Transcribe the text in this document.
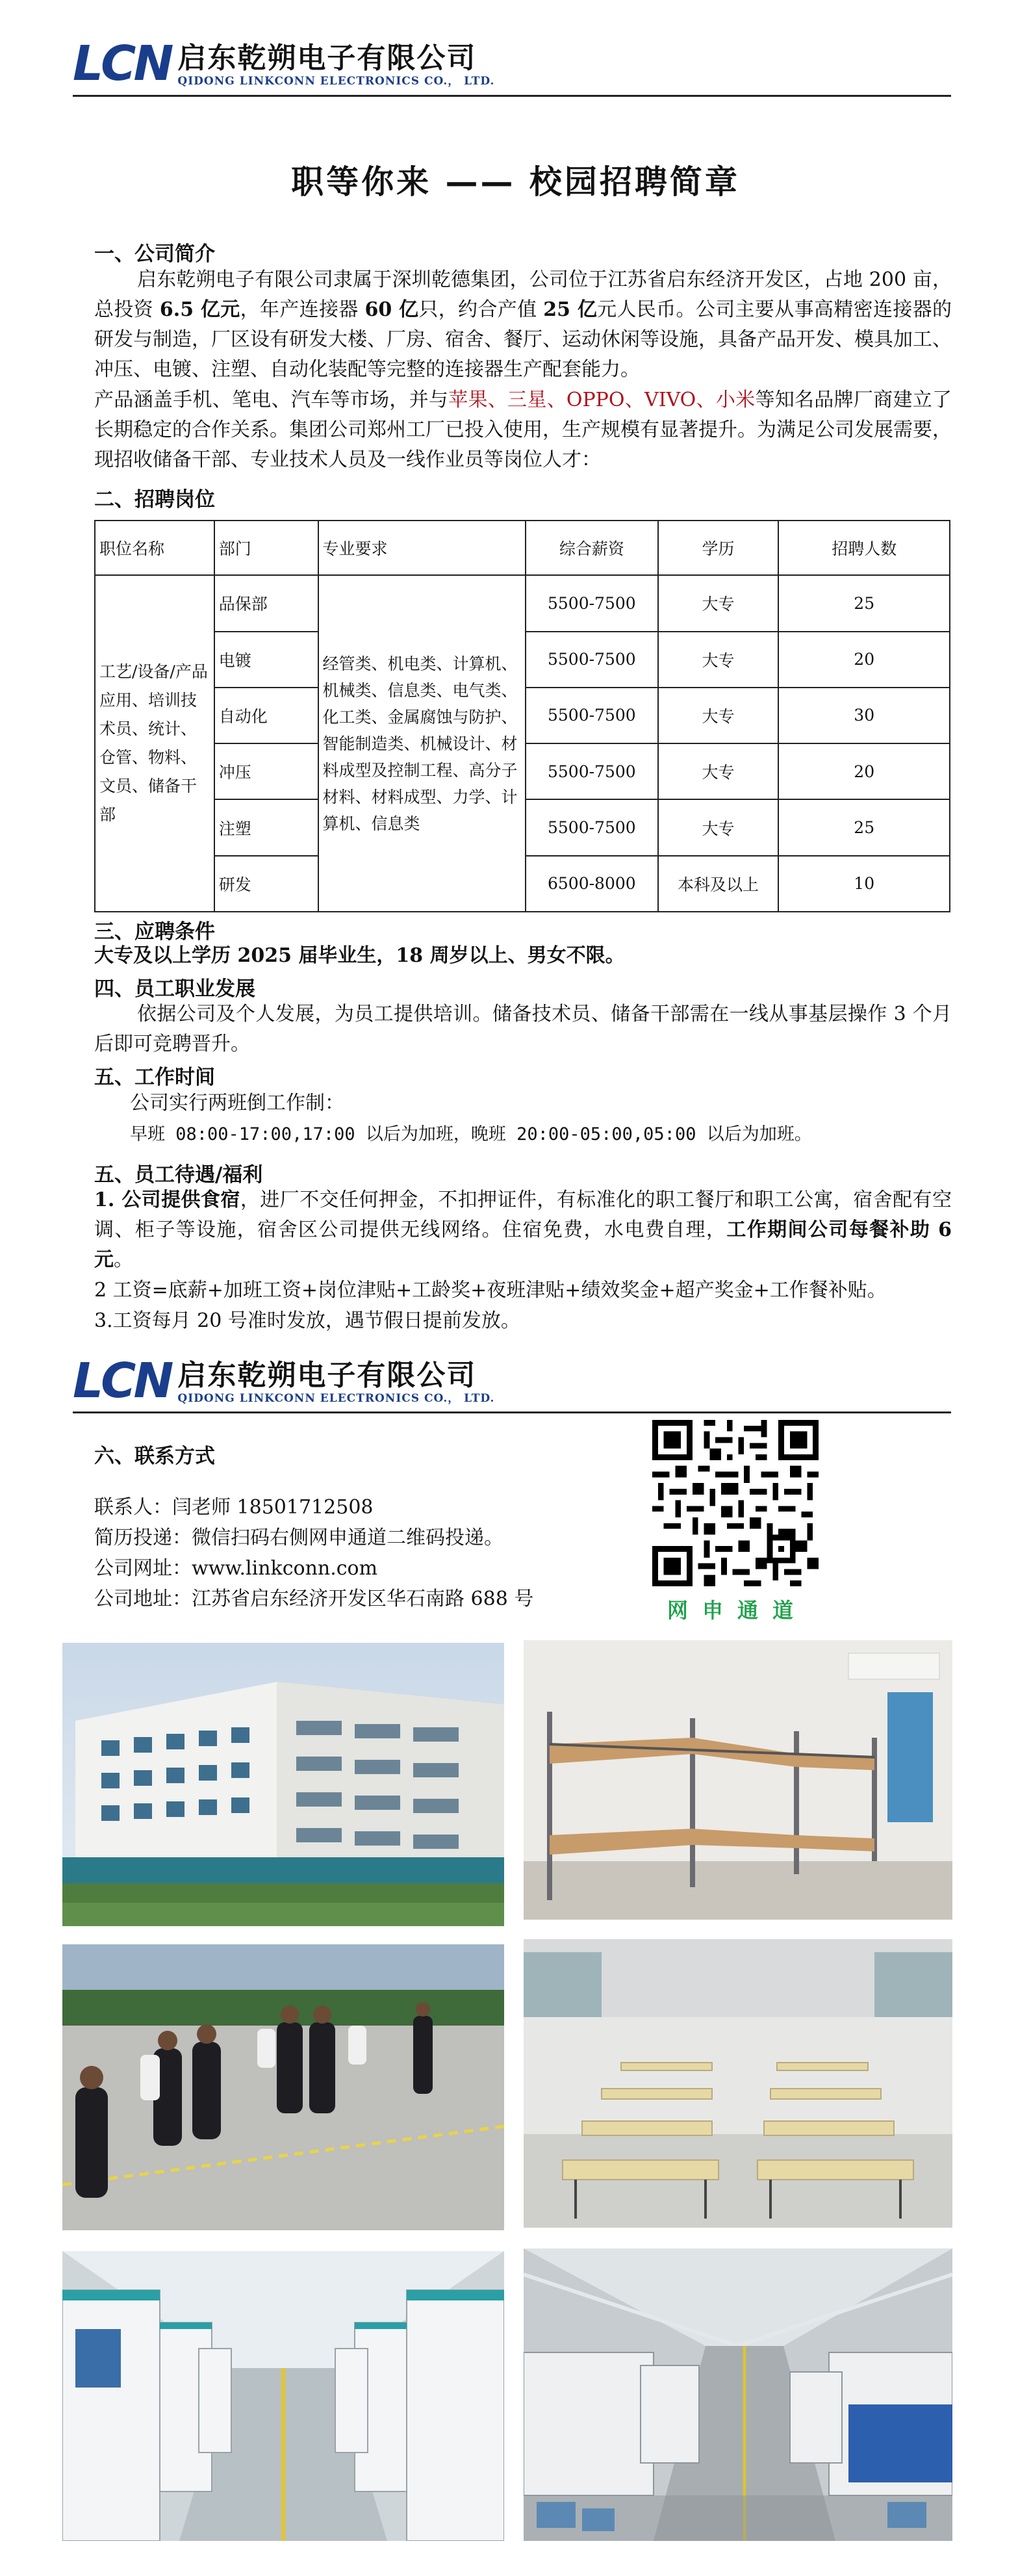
LCN 启东乾朔电子有限公司
QIDONG LINKCONN ELECTRONICS CO.， LTD.
职等你来 —— 校园招聘简章
一、公司简介
启东乾朔电子有限公司隶属于深圳乾德集团，公司位于江苏省启东经济开发区，占地 200 亩，总投资 6.5 亿元，年产连接器 60 亿只，约合产值 25 亿元人民币。公司主要从事高精密连接器的研发与制造，厂区设有研发大楼、厂房、宿舍、餐厅、运动休闲等设施，具备产品开发、模具加工、冲压、电镀、注塑、自动化装配等完整的连接器生产配套能力。
产品涵盖手机、笔电、汽车等市场，并与苹果、三星、OPPO、VIVO、小米等知名品牌厂商建立了长期稳定的合作关系。集团公司郑州工厂已投入使用，生产规模有显著提升。为满足公司发展需要，现招收储备干部、专业技术人员及一线作业员等岗位人才：
二、招聘岗位
职位名称	部门	专业要求	综合薪资	学历	招聘人数
工艺/设备/产品应用、培训技术员、统计、仓管、物料、文员、储备干部	品保部	经管类、机电类、计算机、机械类、信息类、电气类、化工类、金属腐蚀与防护、智能制造类、机械设计、材料成型及控制工程、高分子材料、材料成型、力学、计算机、信息类	5500-7500	大专	25
	电镀		5500-7500	大专	20
	自动化		5500-7500	大专	30
	冲压		5500-7500	大专	20
	注塑		5500-7500	大专	25
	研发		6500-8000	本科及以上	10
三、应聘条件
大专及以上学历 2025 届毕业生，18 周岁以上、男女不限。
四、员工职业发展
依据公司及个人发展，为员工提供培训。储备技术员、储备干部需在一线从事基层操作 3 个月后即可竞聘晋升。
五、工作时间
公司实行两班倒工作制：
早班 08:00-17:00,17:00 以后为加班，晚班 20:00-05:00,05:00 以后为加班。
五、员工待遇/福利
1. 公司提供食宿，进厂不交任何押金，不扣押证件，有标准化的职工餐厅和职工公寓，宿舍配有空调、柜子等设施，宿舍区公司提供无线网络。住宿免费，水电费自理，工作期间公司每餐补助 6 元。
2 工资=底薪+加班工资+岗位津贴+工龄奖+夜班津贴+绩效奖金+超产奖金+工作餐补贴。
3.工资每月 20 号准时发放，遇节假日提前发放。
LCN 启东乾朔电子有限公司
QIDONG LINKCONN ELECTRONICS CO.， LTD.
六、联系方式
联系人：闫老师 18501712508
简历投递：微信扫码右侧网申通道二维码投递。
公司网址：www.linkconn.com
公司地址：江苏省启东经济开发区华石南路 688 号	网申通道
